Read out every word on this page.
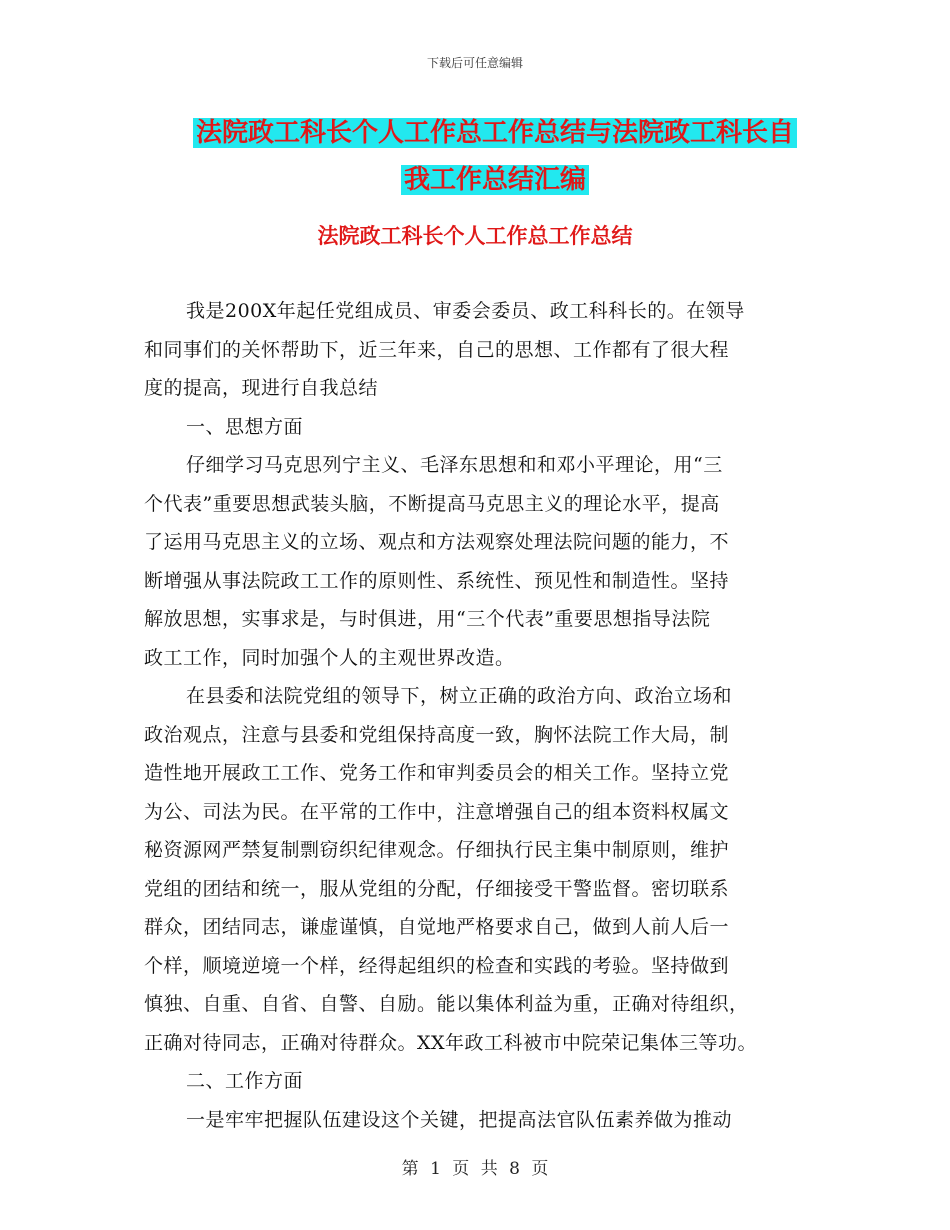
下载后可任意编辑
法院政工科长个人工作总工作总结与法院政工科长自
我工作总结汇编
法院政工科长个人工作总工作总结
我是200X年起任党组成员、审委会委员、政工科科长的。在领导
和同事们的关怀帮助下，近三年来，自己的思想、工作都有了很大程
度的提高，现进行自我总结
一、思想方面
仔细学习马克思列宁主义、毛泽东思想和和邓小平理论，用“三
个代表”重要思想武装头脑，不断提高马克思主义的理论水平，提高
了运用马克思主义的立场、观点和方法观察处理法院问题的能力，不
断增强从事法院政工工作的原则性、系统性、预见性和制造性。坚持
解放思想，实事求是，与时俱进，用“三个代表”重要思想指导法院
政工工作，同时加强个人的主观世界改造。
在县委和法院党组的领导下，树立正确的政治方向、政治立场和
政治观点，注意与县委和党组保持高度一致，胸怀法院工作大局，制
造性地开展政工工作、党务工作和审判委员会的相关工作。坚持立党
为公、司法为民。在平常的工作中，注意增强自己的组本资料权属文
秘资源网严禁复制剽窃织纪律观念。仔细执行民主集中制原则，维护
党组的团结和统一，服从党组的分配，仔细接受干警监督。密切联系
群众，团结同志，谦虚谨慎，自觉地严格要求自己，做到人前人后一
个样，顺境逆境一个样，经得起组织的检查和实践的考验。坚持做到
慎独、自重、自省、自警、自励。能以集体利益为重，正确对待组织，
正确对待同志，正确对待群众。XX年政工科被市中院荣记集体三等功。
二、工作方面
一是牢牢把握队伍建设这个关键，把提高法官队伍素养做为推动
第 1 页 共 8 页
